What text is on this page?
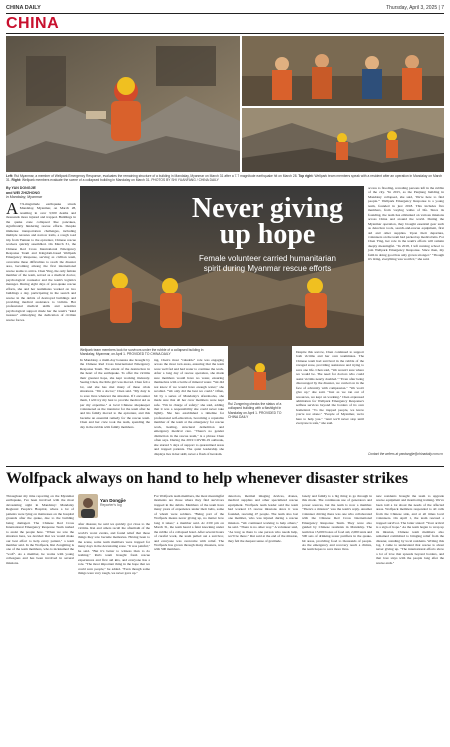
CHINA DAILY	Thursday, April 3, 2025 | 7
CHINA
Left: Rui Myanmar, a member of Wellpark Emergency Response, evaluates the remaining structure of a building in Mandalay, Myanmar on March 31 after a 7.7 magnitude earthquake hit on March 28. Top right: Wellpark team members speak with a resident after an operation in Mandalay on March 31. Right: Wellpark members evaluate the scene of a collapsed building in Mandalay on March 31. PHOTOS BY SHI YUANFANG / CHINA DAILY
By YAN DONGJIE
and WEI ZHIZHONG
in Mandalay, Myanmar
A 7.9-magnitude earthquake struck Mandalay, Myanmar, on March 28, resulting in over 3,500 deaths and thousands more injured and trapped. Buildings in the quake zone collapsed like pancakes, significantly hindering rescue efforts. Despite immense transportation challenges, including multiple reroutes and narrow trails, a rough road trip from Yunnan to the epicenter, Chinese rescue workers quickly assembled. On March 31, the Chinese Red Cross International Emergency Response Team and Kingdom-based Wellpark Emergency Response, serving as civilian team, overcame these difficulties to reach the disaster area, becoming among the first international rescue teams to arrive. Chen Ying, the only female member of the team, served as a medical doctor, psychological counselor and the team's logistics manager. During eight days of post-quake rescue efforts, she and her teammates worked on two buildings a day, participating in the search and rescue in the debris of destroyed buildings and providing medical assistance to victims. Her professional medical skills and sensitive psychological support made her the team's "kind treasure" embodying the dedication of civilian rescue forces.
Never giving
up hope
Female volunteer carried humanitarian
spirit during Myanmar rescue efforts
access to flooding, revealing persons left in the rubble of the city. "In 2015, as the Panjiang building in Mandalay collapsed, she said, 'We're here to find people.'" Wellpark Emergency Response is a young team, founded in just 2018. This includes five members, from varying walks of life. Since its founding, the team has embarked on various missions across China and around the world. During the Myanmar operation, they brought essential gear such as detection tools, search-and-rescue equipment, first aid and other supplies. Upon their departure, volunteers on the team had packed up medical kits. For Chen Ying, her role in the team's efforts will remain deeply meaningful. "In 2018, I left nursing school to join Wellpark Emergency Response. Since then, my faith in doing good has only grown stronger." "Though it's tiring, everything was worth it," she said.
Wellpark team members look for survivors under the rubble of a collapsed building in Mandalay, Myanmar, on April 1. PROVIDED TO CHINA DAILY
In Mandalay, a multi-day bonanza she brought by the Chinese Red Cross International Emergency Response Team. The extent of the destruction in the heart of the earthquake. To offer the victims their greatest hope, she kept working tirelessly. Seeing Chen, the little girl was moved. Chen felt a lot, and she has met many of these crisis situations. "I'm a doctor," Chen said. "My duty is to save lives whatever the situation. If I encounter them, I will try my best to provide medical aid as per my expertise." A local Chinese shopkeeper volunteered as the translator for the team after he and his family moved to the epicenter, and this became an essential remedy for the rescue team. Chen and her crew took the team, spending the day in the rubble with family members.
ing, Chen's most "valuable" role was engaging across the most torn areas, ensuring that the team were well fed and had water to continue the work. After a long day of rescue operation, she made sure members would have no water, ensuring themselves with a bottle of mineral water. "We did not know if we would have enough water," she recalled. "We only did the best we could." Often, hit by a series of Mandalay's aftershocks, she made sure that all her crew members were kept safe. "I'm in charge of safety," she said, adding that it was a responsibility she could never take lightly. She has established a timeline for professional self-education, becoming a reputable member of the team at the emergency for rescue work, healing, structural demolition and emergency medical care. "There's no gender distinction in the rescue team," is a phrase Chen often says. During the 2019 COVID-19 outbreak, she started 5 days of support to quarantined areas and trapped patients. The quiet leadership she displays lies in her skill, never a flash of heroism.
Rui Zongming checks the status of a collapsed building with a flashlight in Mandalay on April 1. PROVIDED TO CHINA DAILY
Despite this sorrow, Chen continued to support both victims and her own teammates. The Chinese team had survived in the rubble of the ravaged zone, providing assistance and trying to save one life. Chen said, "We weren't sure where we would be. The need for doctors who could assist victims nearly doubled." "Even after being discouraged by the disaster, we carried on in the face of adversity with compassion." "We won't give up," she said. "Just as we ran out of resources, we kept on working." Chen expressed admiration for Wellpark Emergency Response's selfless services beyond the borders of its own homeland. "To the trapped people, we know you're not alone." "People of Myanmar, we're here to help you." "And we'll never stop until everyone is safe," she said.
Contact the writers at yandongjie@chinadaily.com.cn
Wolfpack always on hand to help whenever disaster strikes
Throughout my time reporting on the Myanmar earthquake, I've been involved with the most devastating sight in Mandalay: Mandalay Regional People's Hospital, where a lot of patients were lying on mattresses on the hospital grounds after the quake, due to the building being damaged. The Chinese Red Cross International Emergency Response Team rushed to assist the people here. "When we saw the situation here, we decided that we would make our best effort to help every patient," a team member said. In the Wolfpack, Rui Zongming is one of the team members, who is nicknamed the "wolf". As a member, he works with young colleagues and has been involved in several missions.
Yan Dongjie
Reporter's log
after disaster, he said we quickly got close to the victims. Rui and others recall the aftermath of the world's worst events, and found relief that those things they saw became memories. Having been to the scene, some team members were trapped for many days in the devastating zone. "It was painful," he said. "But it's better to witness than to do nothing." Rui's team brought fresh rescue experiences and first aid kits, and everyone has a role. "The most important thing in the hope that we could save people," he added. "Even though some things were very tough, we never gave up."
For Wolfpack team members, the most meaningful moments are those where they find survivors trapped in the debris. Members of the team have many years of experience under their belts, some of whom were soldiers. "Being part of the Wolfpack means never giving up, no matter how long it takes," a member said. At 2:00 pm on March 31, the team heard a faint knocking under the rubble of a collapsed hotel. After several hours of careful work, the team pulled out a survivor, and everyone was overcome with relief. The Wolfpack has grown through many disasters, now with 500 members.
detectors, thermal imaging devices, drones, medical supplies and other specialized rescue equipment. Wolfpack team leader said the team had worked 15 rescue missions since it was founded, rescuing 47 people. The team also lost one member, who was injured during a rescue mission. "We continued working to help others," he said. "There is no other way." A volunteer said, "As long as there is one person who needs help, we'll be there." Rui said at the end of the mission, they felt the deepest sense of gratitude.
lonely and family is a big thing to go through in this mode. The continuous use of generators and power sources, but the team is now a member. "There's a mission" was the team's reply. Another volunteer driving there was one who collaborated with the Chinese Red Cross International Emergency Response Team. They were also guided by Chinese residents in Mandalay. The team has 15,000 boxes of food aid, 2,000 tents and 500 sets of drinking-water purifiers in the quake-hit areas, providing food to thousands of people. As the emergency and recovery reach a climax, the team hopes to save more lives.
new residents brought the team to upgrade rescue equipment and monitoring training. We've been told a lot about the needs of the affected areas. Wolfpack members responded to all calls from the Chinese side, and at all times local volunteers. On April 1, the team rescued a trapped survivor. The latter stated: "Your arrival is a sign of hope." As the team began to wrap up its mission, Chinese team members also remained committed to bringing relief from the disaster, standing by local residents. Writing this log, I came to understand that rescue is about never giving up. "The international efforts show a lot of love that spreads beyond borders, and that love stays with the people long after the rescue ends."
